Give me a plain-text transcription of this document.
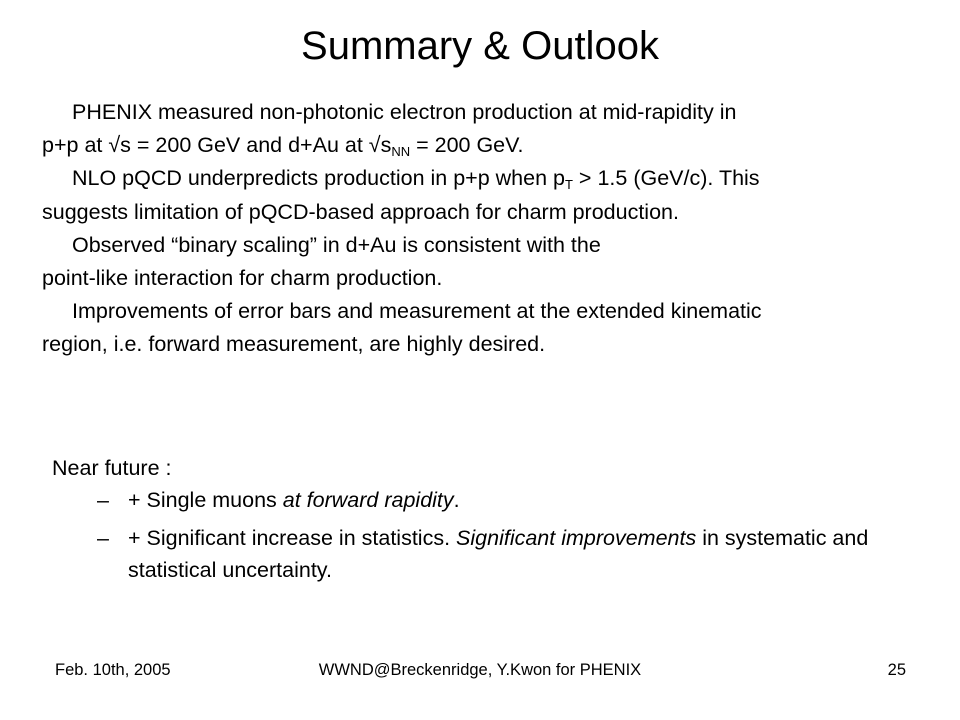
Summary & Outlook
PHENIX measured non-photonic electron production at mid-rapidity in
p+p at √s = 200 GeV and d+Au at $√s_{NN} = 200$ GeV.
NLO pQCD underpredicts production in p+p when $p_T > 1.5$ (GeV/c). This
suggests limitation of pQCD-based approach for charm production.
Observed “binary scaling” in d+Au is consistent with the
point-like interaction for charm production.
Improvements of error bars and measurement at the extended kinematic
region, i.e. forward measurement, are highly desired.
Near future :
– + Single muons at forward rapidity.
– + Significant increase in statistics. Significant improvements in systematic and statistical uncertainty.
Feb. 10th, 2005	WWND@Breckenridge, Y.Kwon for PHENIX	25
